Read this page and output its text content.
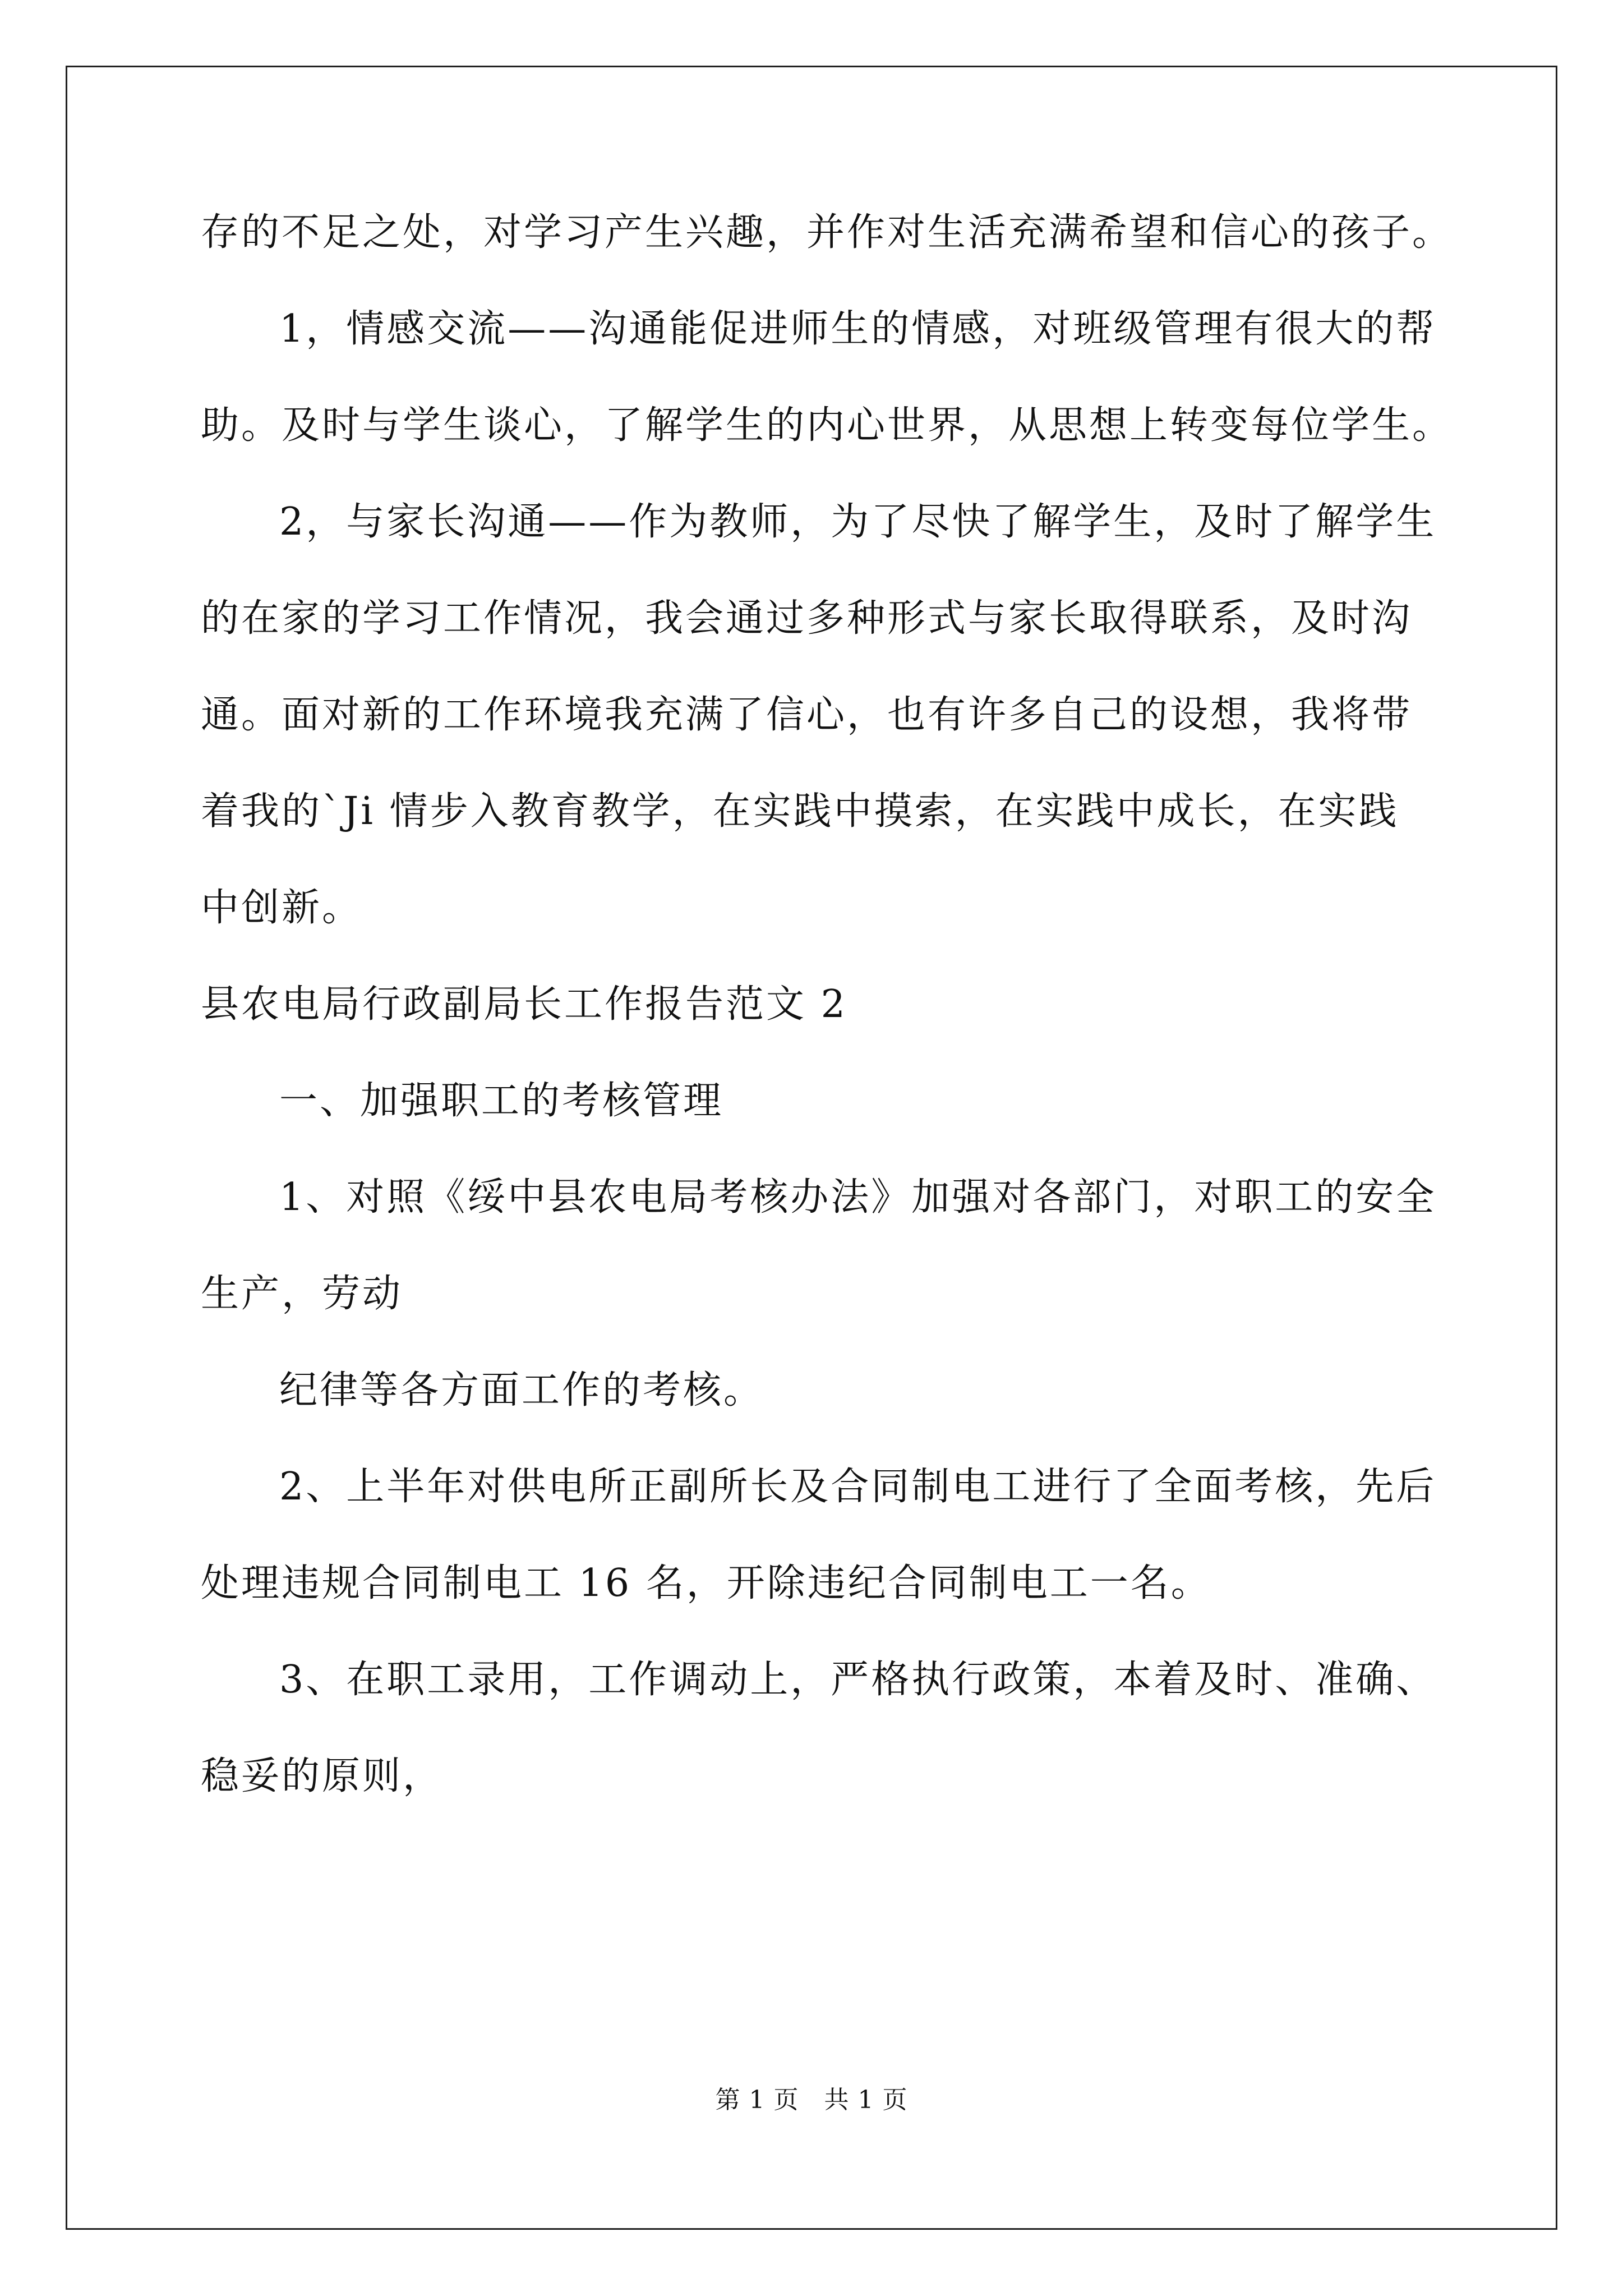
存的不足之处，对学习产生兴趣，并作对生活充满希望和信心的孩子。
1，情感交流——沟通能促进师生的情感，对班级管理有很大的帮
助。及时与学生谈心，了解学生的内心世界，从思想上转变每位学生。
2，与家长沟通——作为教师，为了尽快了解学生，及时了解学生
的在家的学习工作情况，我会通过多种形式与家长取得联系，及时沟
通。面对新的工作环境我充满了信心，也有许多自己的设想，我将带
着我的`Ji 情步入教育教学，在实践中摸索，在实践中成长，在实践
中创新。
县农电局行政副局长工作报告范文 2
一、加强职工的考核管理
1、对照《绥中县农电局考核办法》加强对各部门，对职工的安全
生产，劳动
纪律等各方面工作的考核。
2、上半年对供电所正副所长及合同制电工进行了全面考核，先后
处理违规合同制电工 16 名，开除违纪合同制电工一名。
3、在职工录用，工作调动上，严格执行政策，本着及时、准确、
稳妥的原则，
第 1 页　共 1 页
